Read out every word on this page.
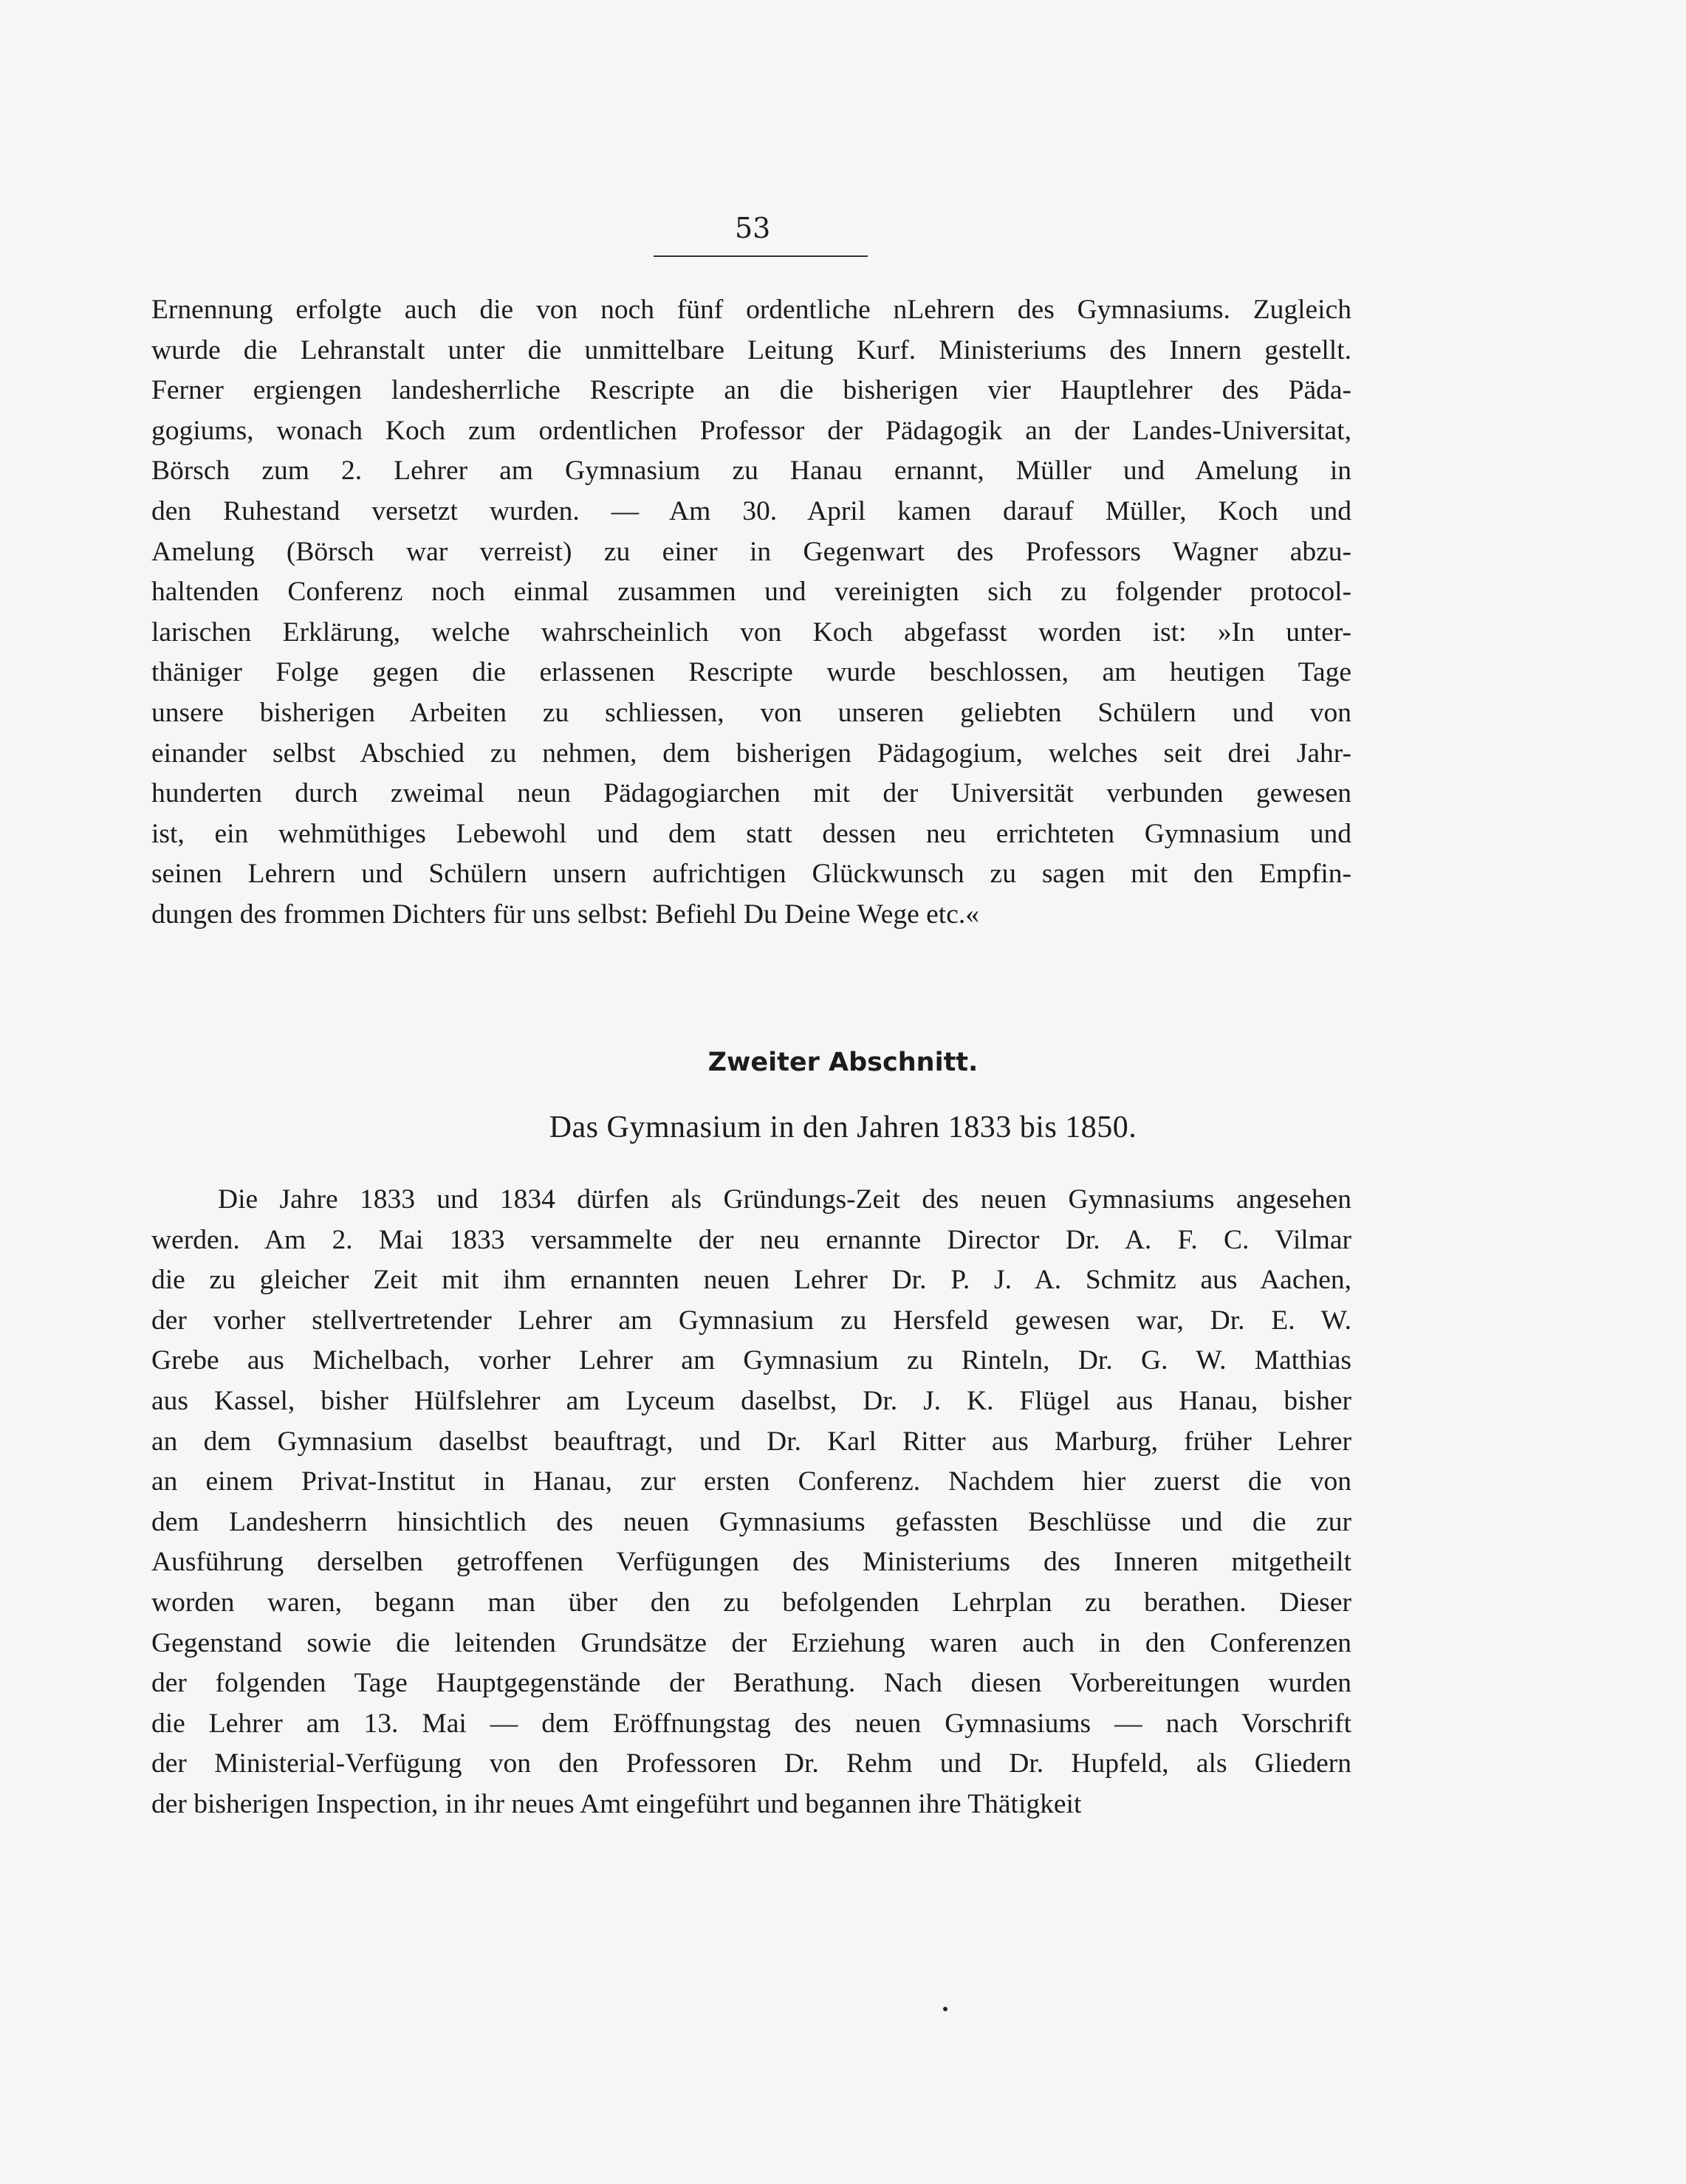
53
Ernennung erfolgte auch die von noch fünf ordentliche nLehrern des Gymnasiums. Zugleich
wurde die Lehranstalt unter die unmittelbare Leitung Kurf. Ministeriums des Innern gestellt.
Ferner ergiengen landesherrliche Rescripte an die bisherigen vier Hauptlehrer des Päda-
gogiums, wonach Koch zum ordentlichen Professor der Pädagogik an der Landes-Universitat,
Börsch zum 2. Lehrer am Gymnasium zu Hanau ernannt, Müller und Amelung in
den Ruhestand versetzt wurden. — Am 30. April kamen darauf Müller, Koch und
Amelung (Börsch war verreist) zu einer in Gegenwart des Professors Wagner abzu-
haltenden Conferenz noch einmal zusammen und vereinigten sich zu folgender protocol-
larischen Erklärung, welche wahrscheinlich von Koch abgefasst worden ist: »In unter-
thäniger Folge gegen die erlassenen Rescripte wurde beschlossen, am heutigen Tage
unsere bisherigen Arbeiten zu schliessen, von unseren geliebten Schülern und von
einander selbst Abschied zu nehmen, dem bisherigen Pädagogium, welches seit drei Jahr-
hunderten durch zweimal neun Pädagogiarchen mit der Universität verbunden gewesen
ist, ein wehmüthiges Lebewohl und dem statt dessen neu errichteten Gymnasium und
seinen Lehrern und Schülern unsern aufrichtigen Glückwunsch zu sagen mit den Empfin-
dungen des frommen Dichters für uns selbst: Befiehl Du Deine Wege etc.«
Zweiter Abschnitt.
Das Gymnasium in den Jahren 1833 bis 1850.
Die Jahre 1833 und 1834 dürfen als Gründungs-Zeit des neuen Gymnasiums angesehen
werden. Am 2. Mai 1833 versammelte der neu ernannte Director Dr. A. F. C. Vilmar
die zu gleicher Zeit mit ihm ernannten neuen Lehrer Dr. P. J. A. Schmitz aus Aachen,
der vorher stellvertretender Lehrer am Gymnasium zu Hersfeld gewesen war, Dr. E. W.
Grebe aus Michelbach, vorher Lehrer am Gymnasium zu Rinteln, Dr. G. W. Matthias
aus Kassel, bisher Hülfslehrer am Lyceum daselbst, Dr. J. K. Flügel aus Hanau, bisher
an dem Gymnasium daselbst beauftragt, und Dr. Karl Ritter aus Marburg, früher Lehrer
an einem Privat-Institut in Hanau, zur ersten Conferenz. Nachdem hier zuerst die von
dem Landesherrn hinsichtlich des neuen Gymnasiums gefassten Beschlüsse und die zur
Ausführung derselben getroffenen Verfügungen des Ministeriums des Inneren mitgetheilt
worden waren, begann man über den zu befolgenden Lehrplan zu berathen. Dieser
Gegenstand sowie die leitenden Grundsätze der Erziehung waren auch in den Conferenzen
der folgenden Tage Hauptgegenstände der Berathung. Nach diesen Vorbereitungen wurden
die Lehrer am 13. Mai — dem Eröffnungstag des neuen Gymnasiums — nach Vorschrift
der Ministerial-Verfügung von den Professoren Dr. Rehm und Dr. Hupfeld, als Gliedern
der bisherigen Inspection, in ihr neues Amt eingeführt und begannen ihre Thätigkeit
